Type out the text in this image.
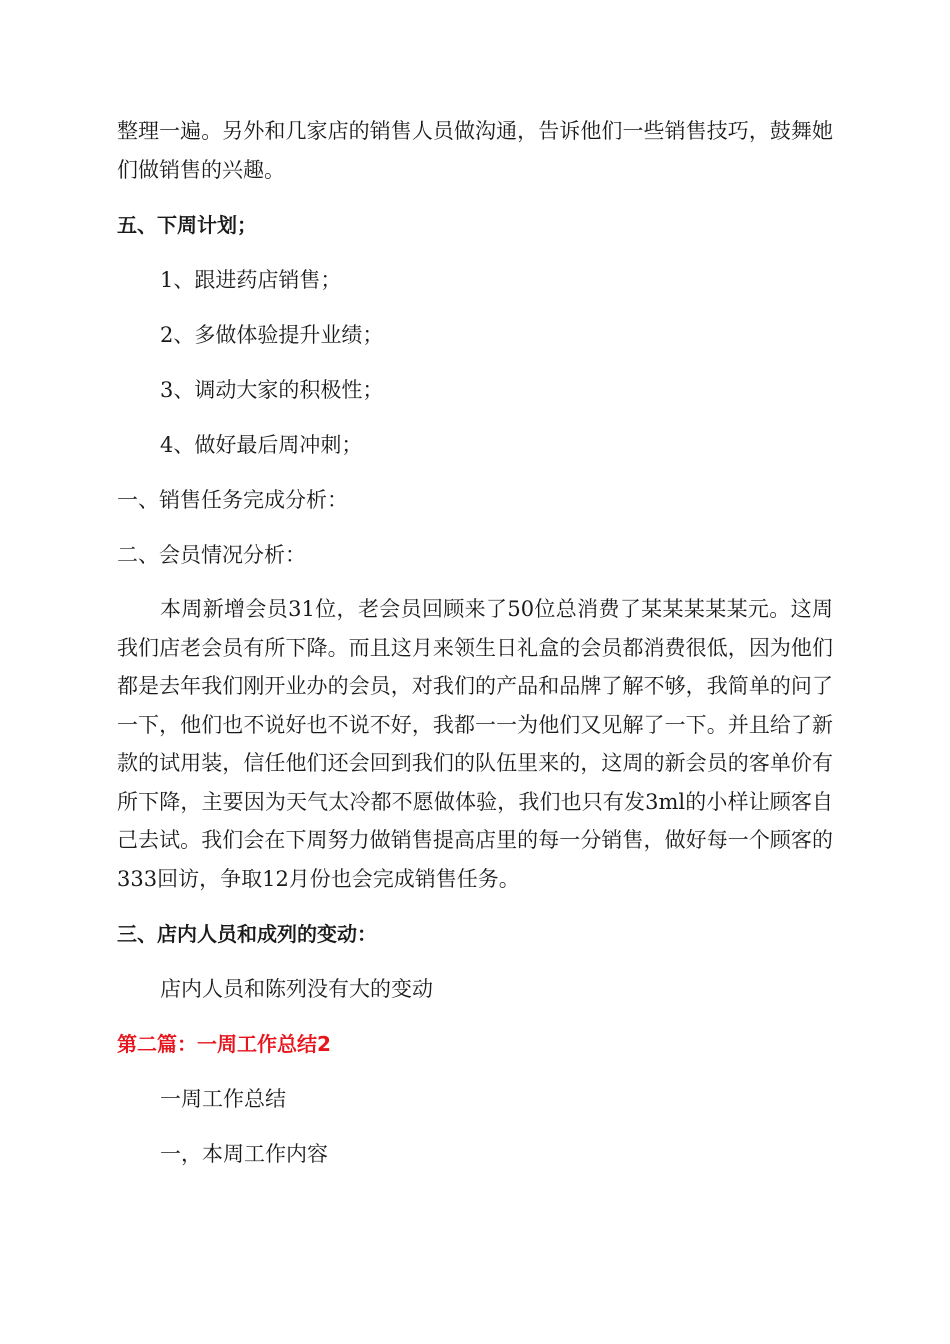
整理一遍。另外和几家店的销售人员做沟通，告诉他们一些销售技巧，鼓舞她们做销售的兴趣。

五、下周计划；
1、跟进药店销售；
2、多做体验提升业绩；
3、调动大家的积极性；
4、做好最后周冲刺；
一、销售任务完成分析：
二、会员情况分析：

本周新增会员31位，老会员回顾来了50位总消费了某某某某某元。这周我们店老会员有所下降。而且这月来领生日礼盒的会员都消费很低，因为他们都是去年我们刚开业办的会员，对我们的产品和品牌了解不够，我简单的问了一下，他们也不说好也不说不好，我都一一为他们又见解了一下。并且给了新款的试用装，信任他们还会回到我们的队伍里来的，这周的新会员的客单价有所下降，主要因为天气太冷都不愿做体验，我们也只有发3ml的小样让顾客自己去试。我们会在下周努力做销售提高店里的每一分销售，做好每一个顾客的333回访，争取12月份也会完成销售任务。

三、店内人员和成列的变动：
店内人员和陈列没有大的变动
第二篇：一周工作总结2
一周工作总结
一，本周工作内容
